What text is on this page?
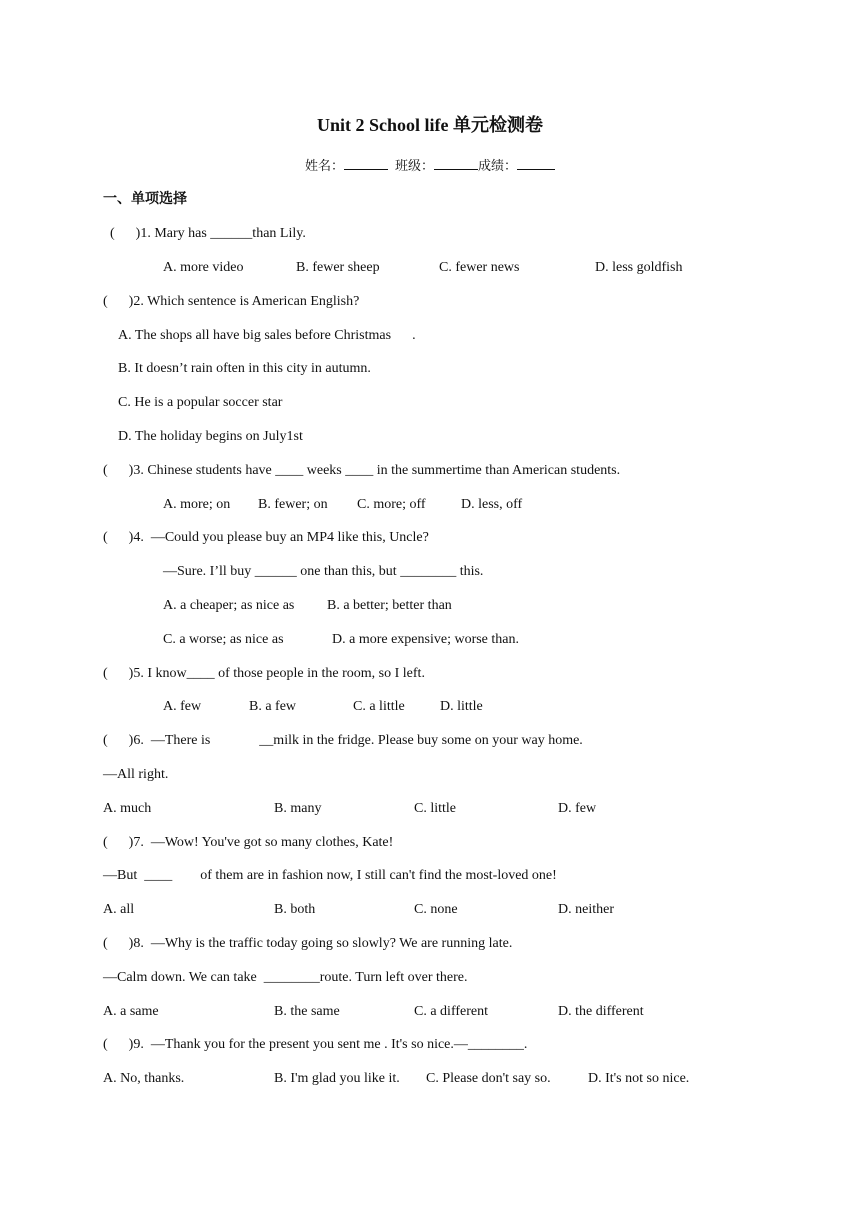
Unit 2 School life 单元检测卷
姓名：	班级：	成绩：
一、单项选择
(      )1. Mary has ______than Lily.
A. more video	B. fewer sheep	C. fewer news	D. less goldfish
(      )2. Which sentence is American English?
A. The shops all have big sales before Christmas      .
B. It doesn’t rain often in this city in autumn.
C. He is a popular soccer star
D. The holiday begins on July1st
(      )3. Chinese students have ____ weeks ____ in the summertime than American students.
A. more; on B. fewer; on C. more; off	D. less, off
(      )4.  —Could you please buy an MP4 like this, Uncle?
—Sure. I’ll buy ______ one than this, but ________ this.
A. a cheaper; as nice as B. a better; better than
C. a worse; as nice as	D. a more expensive; worse than.
(      )5. I know____ of those people in the room, so I left.
A. few	B. a few	C. a little	D. little
(      )6.  —There is              __milk in the fridge. Please buy some on your way home.
—All right.
A. much	B. many	C. little	D. few
(      )7.  —Wow! You've got so many clothes, Kate!
—But  ____        of them are in fashion now, I still can't find the most-loved one!
A. all	B. both	C. none	D. neither
(      )8.  —Why is the traffic today going so slowly? We are running late.
—Calm down. We can take  ________route. Turn left over there.
A. a same	B. the same	C. a different	D. the different
(      )9.  —Thank you for the present you sent me . It's so nice.—________.
A. No, thanks.	B. I'm glad you like it. C. Please don't say so.	D. It's not so nice.
